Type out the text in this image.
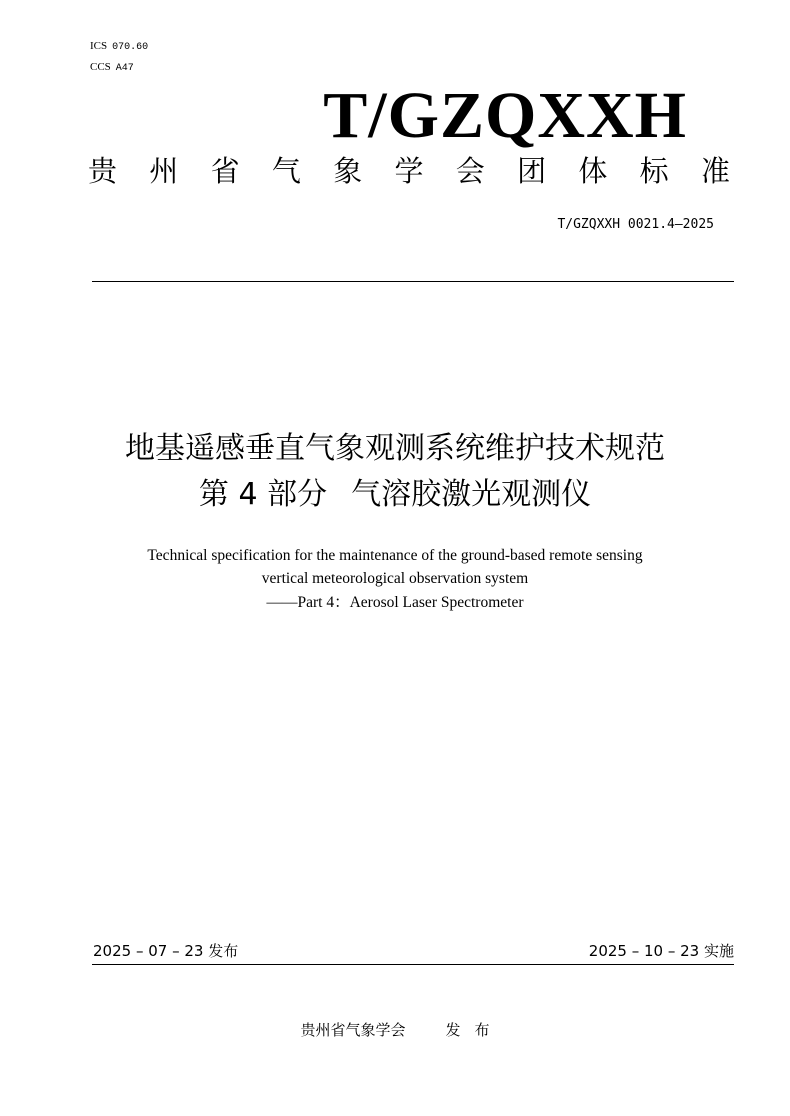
ICS 070.60
CCS A47
T/GZQXXH
贵 州 省 气 象 学 会 团 体 标 准
T/GZQXXH 0021.4—2025
地基遥感垂直气象观测系统维护技术规范
第 4 部分 气溶胶激光观测仪
Technical specification for the maintenance of the ground-based remote sensing
vertical meteorological observation system
——Part 4：Aerosol Laser Spectrometer
2025 – 07 – 23 发布	2025 – 10 – 23 实施
贵州省气象学会	发 布
